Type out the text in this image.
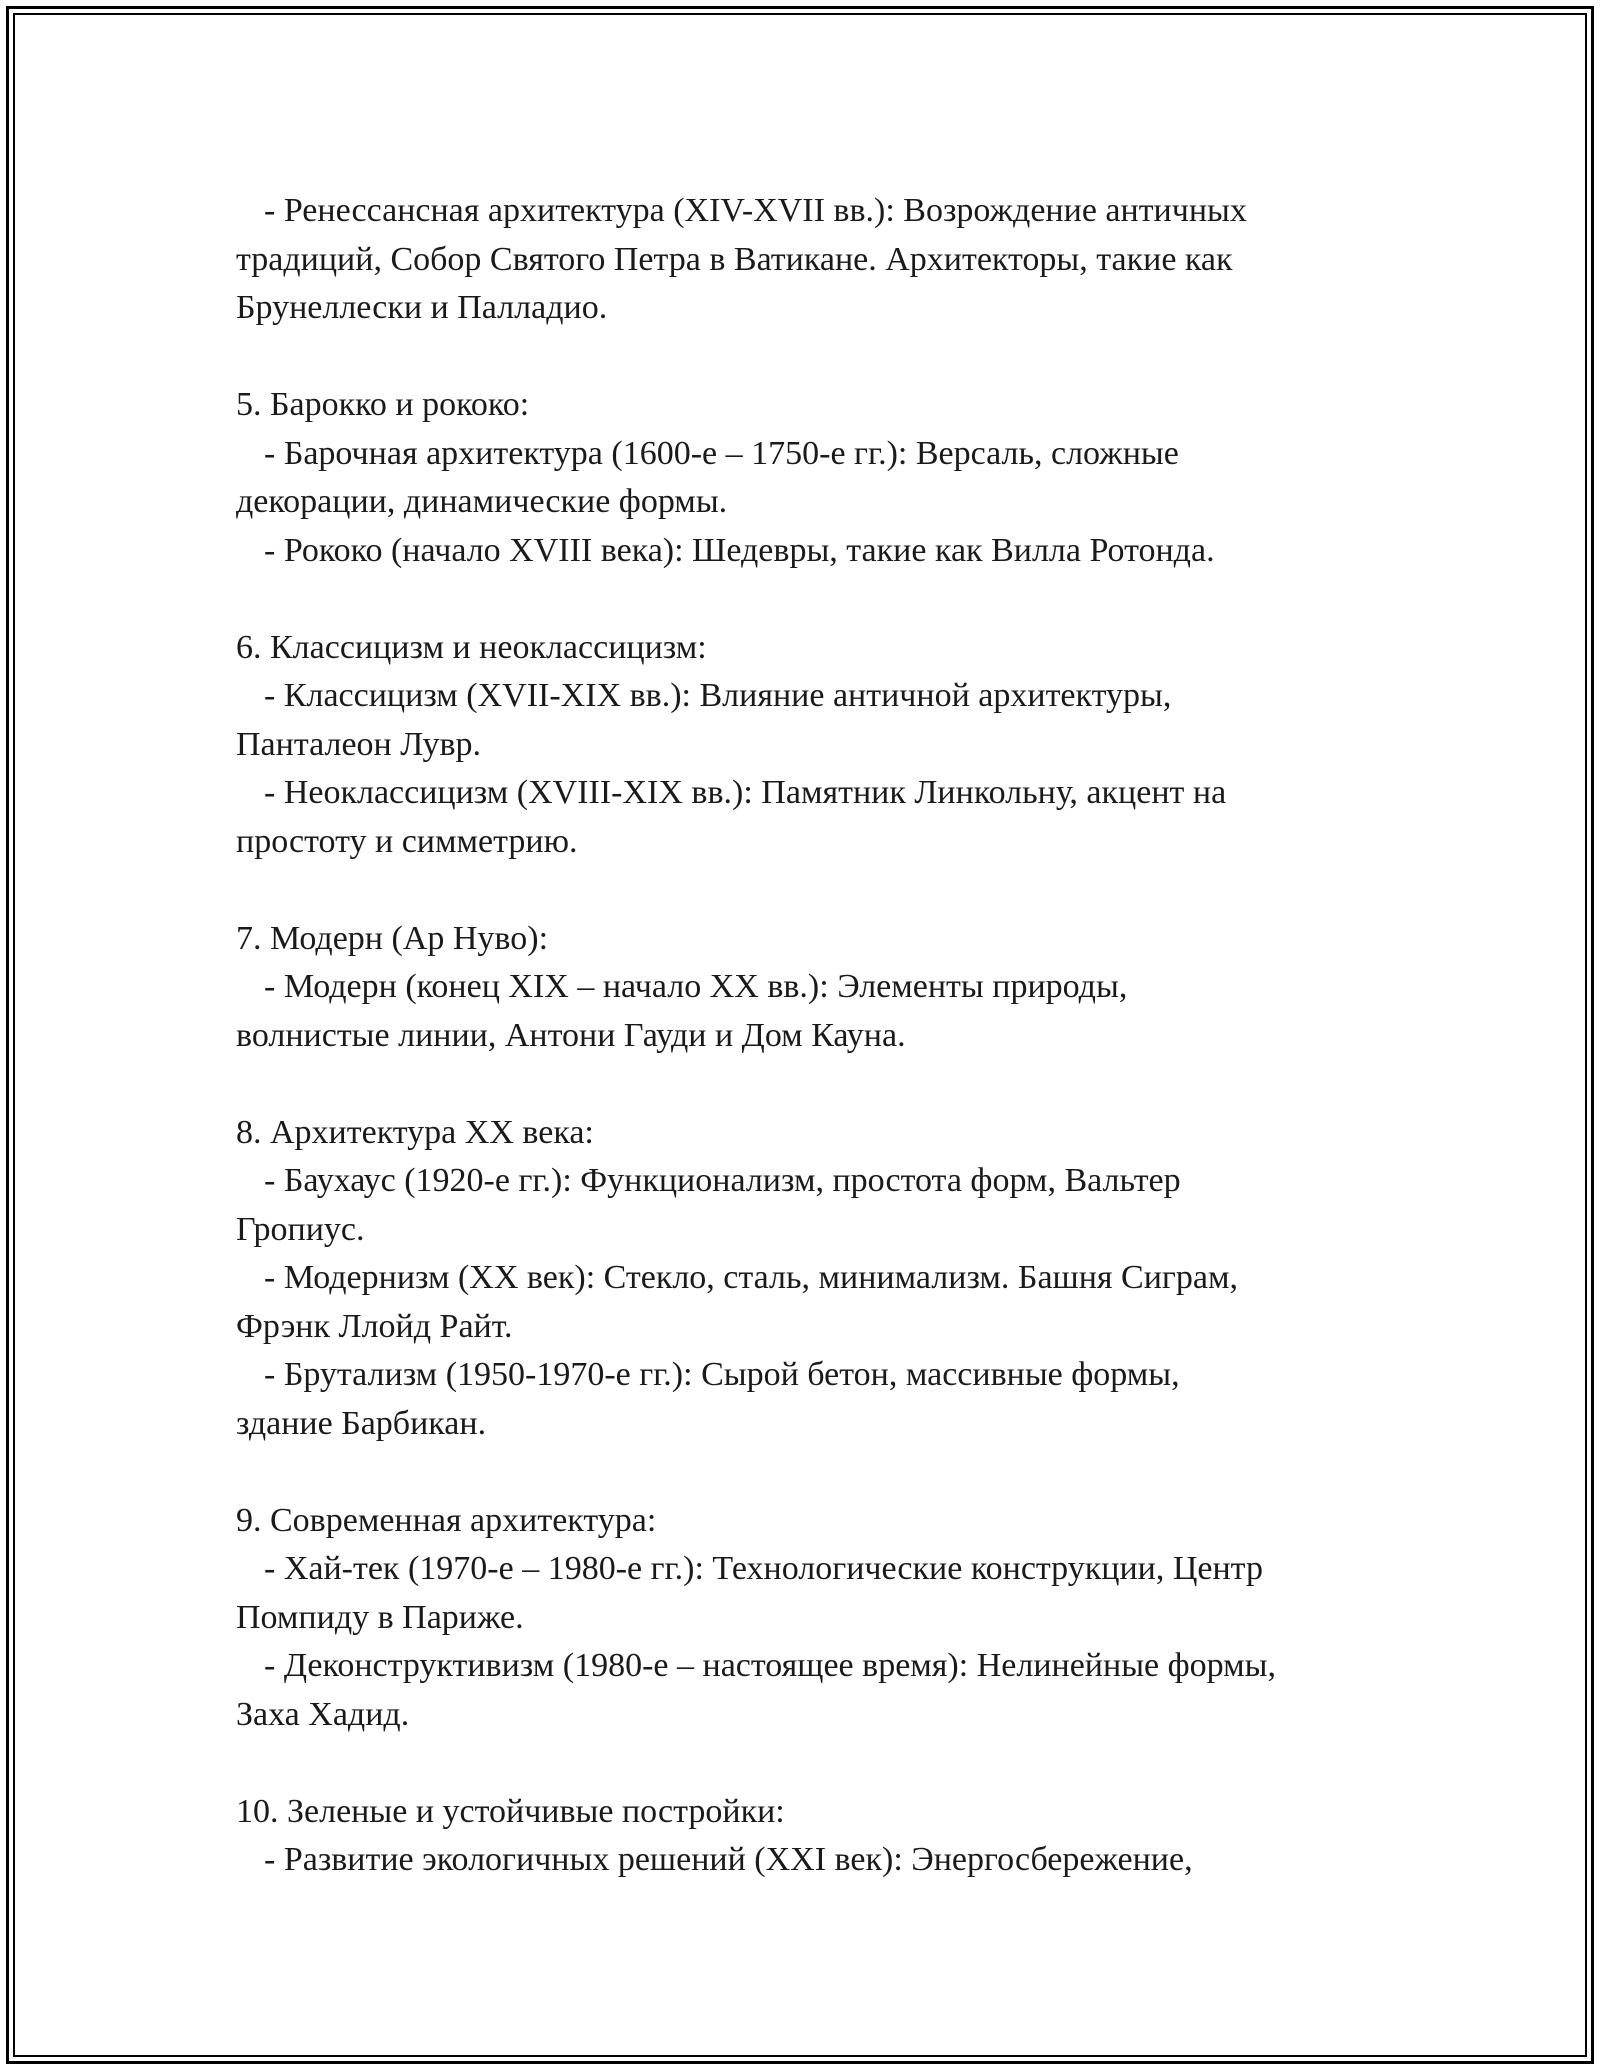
- Ренессансная архитектура (XIV-XVII вв.): Возрождение античных
традиций, Собор Святого Петра в Ватикане. Архитекторы, такие как
Брунеллески и Палладио.
5. Барокко и рококо:
- Барочная архитектура (1600-е – 1750-е гг.): Версаль, сложные
декорации, динамические формы.
- Рококо (начало XVIII века): Шедевры, такие как Вилла Ротонда.
6. Классицизм и неоклассицизм:
- Классицизм (XVII-XIX вв.): Влияние античной архитектуры,
Панталеон Лувр.
- Неоклассицизм (XVIII-XIX вв.): Памятник Линкольну, акцент на
простоту и симметрию.
7. Модерн (Ар Нуво):
- Модерн (конец XIX – начало XX вв.): Элементы природы,
волнистые линии, Антони Гауди и Дом Кауна.
8. Архитектура XX века:
- Баухаус (1920-е гг.): Функционализм, простота форм, Вальтер
Гропиус.
- Модернизм (XX век): Стекло, сталь, минимализм. Башня Сиграм,
Фрэнк Ллойд Райт.
- Брутализм (1950-1970-е гг.): Сырой бетон, массивные формы,
здание Барбикан.
9. Современная архитектура:
- Хай-тек (1970-е – 1980-е гг.): Технологические конструкции, Центр
Помпиду в Париже.
- Деконструктивизм (1980-е – настоящее время): Нелинейные формы,
Заха Хадид.
10. Зеленые и устойчивые постройки:
- Развитие экологичных решений (XXI век): Энергосбережение,
